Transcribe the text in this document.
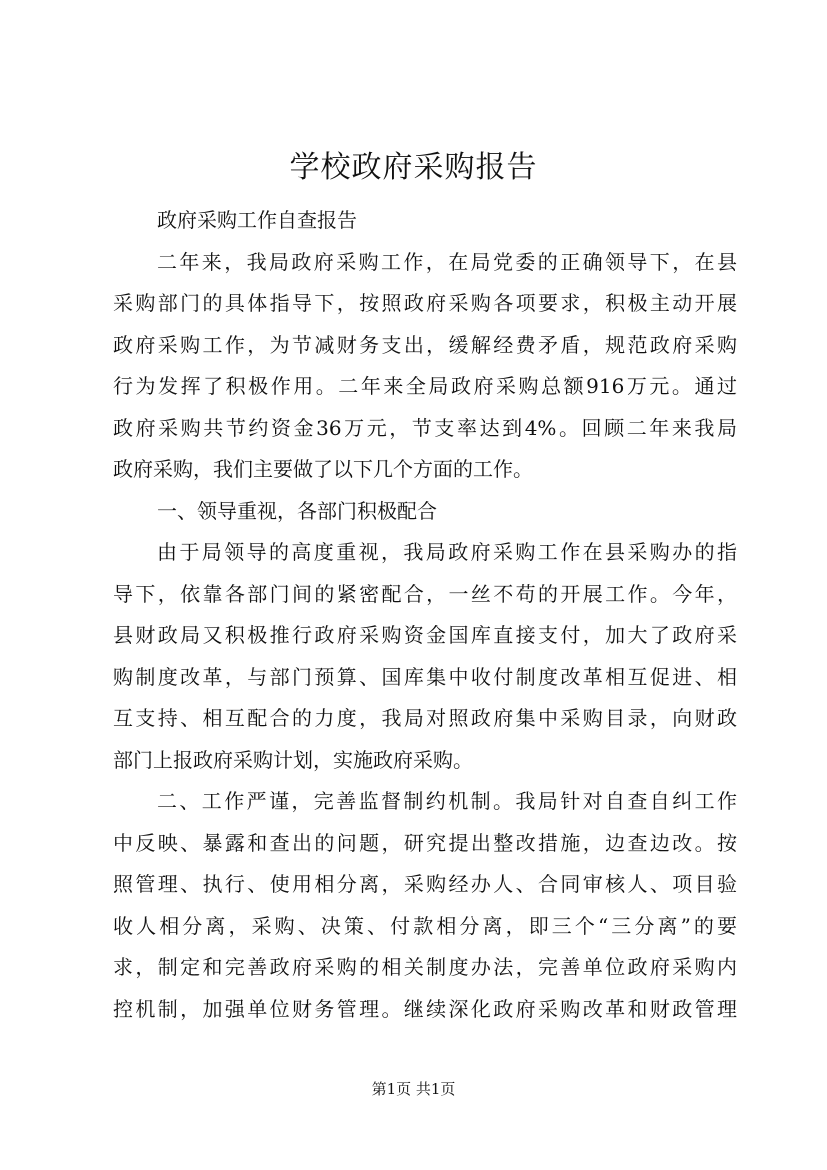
学校政府采购报告
政府采购工作自查报告
二年来，我局政府采购工作，在局党委的正确领导下，在县
采购部门的具体指导下，按照政府采购各项要求，积极主动开展
政府采购工作，为节减财务支出，缓解经费矛盾，规范政府采购
行为发挥了积极作用。二年来全局政府采购总额916万元。通过
政府采购共节约资金36万元，节支率达到4%。回顾二年来我局
政府采购，我们主要做了以下几个方面的工作。
一、领导重视，各部门积极配合
由于局领导的高度重视，我局政府采购工作在县采购办的指
导下，依靠各部门间的紧密配合，一丝不苟的开展工作。今年，
县财政局又积极推行政府采购资金国库直接支付，加大了政府采
购制度改革，与部门预算、国库集中收付制度改革相互促进、相
互支持、相互配合的力度，我局对照政府集中采购目录，向财政
部门上报政府采购计划，实施政府采购。
二、工作严谨，完善监督制约机制。我局针对自查自纠工作
中反映、暴露和查出的问题，研究提出整改措施，边查边改。按
照管理、执行、使用相分离，采购经办人、合同审核人、项目验
收人相分离，采购、决策、付款相分离，即三个“三分离”的要
求，制定和完善政府采购的相关制度办法，完善单位政府采购内
控机制，加强单位财务管理。继续深化政府采购改革和财政管理
第1页 共1页
